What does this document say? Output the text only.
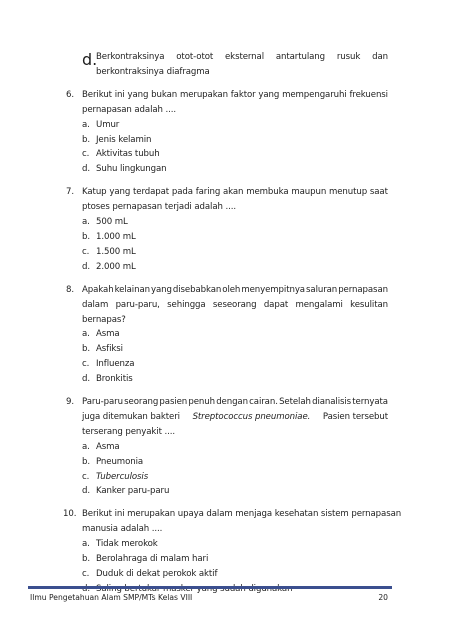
d.
Berkontraksinya otot-otot eksternal antartulang rusuk dan
berkontraksinya diafragma
6. Berikut ini yang bukan merupakan faktor yang mempengaruhi frekuensi
pernapasan adalah ....
a. Umur
b. Jenis kelamin
c. Aktivitas tubuh
d. Suhu lingkungan
7. Katup yang terdapat pada faring akan membuka maupun menutup saat
ptoses pernapasan terjadi adalah ....
a. 500 mL
b. 1.000 mL
c. 1.500 mL
d. 2.000 mL
8. Apakah kelainan yang disebabkan oleh menyempitnya saluran pernapasan
dalam paru-paru, sehingga seseorang dapat mengalami kesulitan
bernapas?
a. Asma
b. Asfiksi
c. Influenza
d. Bronkitis
9. Paru-paru seorang pasien penuh dengan cairan. Setelah dianalisis ternyata
juga ditemukan bakteri Streptococcus pneumoniae. Pasien tersebut
terserang penyakit ....
a. Asma
b. Pneumonia
c. Tuberculosis
d. Kanker paru-paru
10. Berikut ini merupakan upaya dalam menjaga kesehatan sistem pernapasan
manusia adalah ....
a. Tidak merokok
b. Berolahraga di malam hari
c. Duduk di dekat perokok aktif
Ilmu Pengetahuan Alam SMP/MTs Kelas VIII	20
